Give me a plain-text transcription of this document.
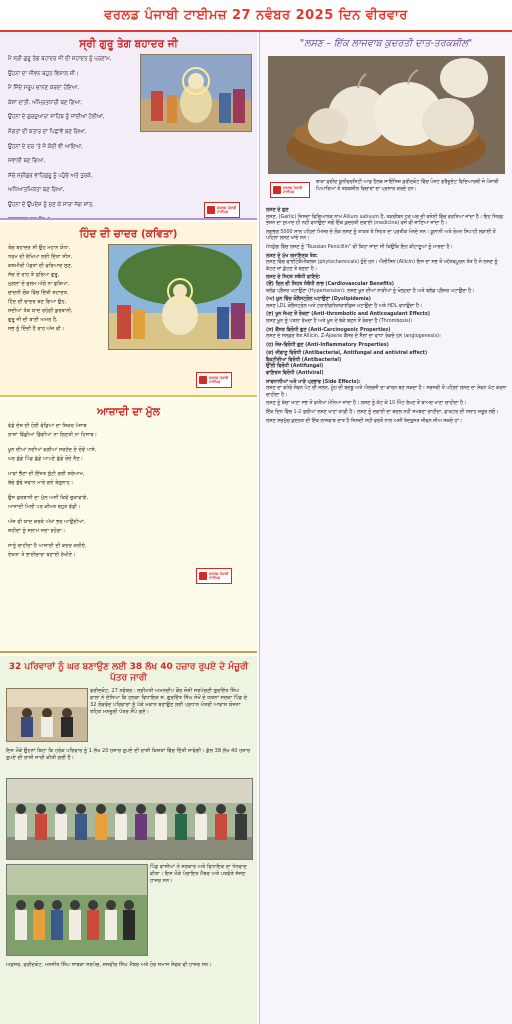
ਵਰਲਡ ਪੰਜਾਬੀ ਟਾਈਮਜ਼ 27 ਨਵੰਬਰ 2025 ਦਿਨ ਵੀਰਵਾਰ
ਸ੍ਰੀ ਗੁਰੂ ਤੇਗ ਬਹਾਦਰ ਜੀ
ਮੈਂ ਸ੍ਰੀ ਗੁਰੂ ਤੇਗ ਬਹਾਦਰ ਜੀ ਦੀ ਸ਼ਹਾਦਤ ਨੂੰ ਪ੍ਰਣਾਮ,
ਉਹਨਾਂ ਦਾ ਜੀਵਨ ਬਹੁਤ ਵਿਸ਼ਾਲ ਸੀ।
ਮੈਂ ਜਿੰਦੇ ਸਰੂਪ ਚਾਨਣ ਕਰਦਾ ਹੋਇਆ,
ਕੇਸਾਂ ਦਾਤੀ, ਅੰਮ੍ਰਿਤਧਾਰੀ ਬਣ ਗਿਆ,
ਉਹਨਾਂ ਦੇ ਗੁਰਦੁਆਰਾ ਸਾਹਿਬ ਨੂੰ ਜਾਂਦੀਆਂ ਹੋਈਆਂ,
ਸੰਗਤਾਂ ਦੀ ਕਤਾਰ ਦਾ ਪਿਛਾਵੇਂ ਬਣ ਗਿਆ,
ਉਹਨਾਂ ਦੇ ਦਰ 'ਤੇ ਜੋ ਕੋਈ ਵੀ ਆਇਆ,
ਸਵਾਲੀ ਬਣ ਗਿਆ,
ਸੱਚੇ ਸ੍ਰੀਗੁਰ ਵਾਹਿਗੁਰੂ ਨੂੰ ਪਹੁੰਚੇ ਅਤੇ ਤੁਰਕੇ,
ਅਧਿਆਤਮਿਕਤਾ ਬਣ ਗਿਆ,
ਉਹਨਾਂ ਦੇ ਉਪਦੇਸ਼ ਨੂੰ ਸੁਣ ਕੇ ਸਾਰਾ ਜੱਗ ਸ਼ਾਂਤ,
ਸ਼ਰਧਾਵਾਨ ਬਣ ਗਿਆ,
ਵਰਲਡ ਪੰਜਾਬੀ ਟਾਈਮਜ਼
ਹਿੰਦ ਦੀ ਚਾਦਰ (ਕਵਿਤਾ)
ਤੇਗ ਬਹਾਦਰ ਸੀ ਉਹ ਮਹਾਨ ਯੋਧਾ,
ਧਰਮ ਦੀ ਰੱਖਿਆ ਲਈ ਦਿੱਤਾ ਸੀਸ,
ਕਸ਼ਮੀਰੀ ਪੰਡਤਾਂ ਦੀ ਫਰਿਆਦ ਸੁਣ,
ਸੱਚ ਦੇ ਰਾਹ ਤੇ ਤੁਰਿਆ ਗੁਰੂ,
ਮੁਗਲਾਂ ਦੇ ਜ਼ੁਲਮ ਅੱਗੇ ਨਾ ਝੁਕਿਆ,
ਚਾਂਦਨੀ ਚੌਕ ਵਿੱਚ ਦਿੱਤੀ ਸ਼ਹਾਦਤ,
ਹਿੰਦ ਦੀ ਚਾਦਰ ਬਣ ਗਿਆ ਉਹ,
ਸਦੀਆਂ ਤੱਕ ਯਾਦ ਰਹੇਗੀ ਕੁਰਬਾਨੀ,
ਗੁਰੂ ਜੀ ਦੀ ਬਾਣੀ ਅਮਰ ਹੈ,
ਸਭ ਨੂੰ ਦਿੰਦੀ ਹੈ ਰਾਹ ਅੱਜ ਵੀ।
ਵਰਲਡ ਪੰਜਾਬੀ ਟਾਈਮਜ਼
ਆਜ਼ਾਦੀ ਦਾ ਮੁੱਲ
ਵੱਡੇ ਦੇਸ਼ ਦੀ ਹੋਈ ਵੰਡਿਆਂ ਦਾ ਜ਼ਿਕਰ ਪੰਜਾਬ
ਲਾਸ਼ਾਂ ਵਿੱਛੀਆਂ ਡਿੱਗੀਆਂ ਨਾ ਗਿਣਤੀ ਨਾ ਹਿਸਾਬ।
ਖੂਨ ਦੀਆਂ ਨਦੀਆਂ ਵਗੀਆਂ ਸਰਹੱਦ ਦੇ ਦੋਵੇਂ ਪਾਸੇ,
ਘਰ ਛੱਡੇ ਪਿੰਡ ਛੱਡੇ ਆਪਣੇ ਛੱਡੇ ਰੋਂਦੇ ਨੈਣ।
ਮਾਵਾਂ ਭੈਣਾਂ ਦੀ ਇੱਜ਼ਤ ਲੁੱਟੀ ਗਈ ਸ਼ਰੇਆਮ,
ਬੱਚੇ ਬੁੱਢੇ ਜਵਾਨ ਮਾਰੇ ਗਏ ਬੇਗੁਨਾਹ।
ਉਸ ਕੁਰਬਾਨੀ ਦਾ ਮੁੱਲ ਅਸੀਂ ਕਿਵੇਂ ਚੁਕਾਵਾਂਗੇ,
ਆਜ਼ਾਦੀ ਮਿਲੀ ਪਰ ਕੀਮਤ ਬਹੁਤ ਵੱਡੀ।
ਅੱਜ ਵੀ ਯਾਦ ਕਰਕੇ ਅੱਖਾਂ ਭਰ ਆਉਂਦੀਆਂ,
ਸ਼ਹੀਦਾਂ ਨੂੰ ਸਲਾਮ ਸਦਾ ਰਹੇਗਾ।
ਸਾਨੂੰ ਚਾਹੀਦਾ ਹੈ ਆਜ਼ਾਦੀ ਦੀ ਕਦਰ ਕਰੀਏ,
ਏਕਤਾ ਤੇ ਭਾਈਚਾਰਾ ਬਣਾਈ ਰੱਖੀਏ।
ਵਰਲਡ ਪੰਜਾਬੀ ਟਾਈਮਜ਼
32 ਪਰਿਵਾਰਾਂ ਨੂੰ ਘਰ ਬਣਾਉਣ ਲਈ 38 ਲੱਖ 40 ਹਜ਼ਾਰ ਰੁਪਏ ਦੇ ਮੰਜ਼ੂਰੀ ਪੱਤਰ ਜਾਰੀ
ਫਰੀਦਕੋਟ, 27 ਨਵੰਬਰ : ਸ੍ਰੀਮਤੀ ਅਮਨਦੀਪ ਕੌਰ ਜੋਸ਼ੀ ਸਰਪੰਚਣੀ ਗੁਰਦਿੱਤ ਸਿੰਘ ਵਾਲਾ ਨੇ ਦੱਸਿਆ ਕਿ ਹਲਕਾ ਵਿਧਾਇਕ ਸ. ਗੁਰਦਿੱਤ ਸਿੰਘ ਸੇਖੋਂ ਦੇ ਯਤਨਾਂ ਸਦਕਾ ਪਿੰਡ ਦੇ 32 ਲੋੜਵੰਦ ਪਰਿਵਾਰਾਂ ਨੂੰ ਪੱਕੇ ਮਕਾਨ ਬਣਾਉਣ ਲਈ ਪ੍ਰਧਾਨ ਮੰਤਰੀ ਆਵਾਸ ਯੋਜਨਾ ਤਹਿਤ ਮਨਜ਼ੂਰੀ ਪੱਤਰ ਸੌਂਪੇ ਗਏ।
ਇਸ ਮੌਕੇ ਉਹਨਾਂ ਕਿਹਾ ਕਿ ਹਰੇਕ ਪਰਿਵਾਰ ਨੂੰ 1 ਲੱਖ 20 ਹਜ਼ਾਰ ਰੁਪਏ ਦੀ ਰਾਸ਼ੀ ਕਿਸ਼ਤਾਂ ਵਿੱਚ ਦਿੱਤੀ ਜਾਵੇਗੀ। ਕੁੱਲ 38 ਲੱਖ 40 ਹਜ਼ਾਰ ਰੁਪਏ ਦੀ ਰਾਸ਼ੀ ਜਾਰੀ ਕੀਤੀ ਗਈ ਹੈ।
ਪਿੰਡ ਵਾਸੀਆਂ ਨੇ ਸਰਕਾਰ ਅਤੇ ਵਿਧਾਇਕ ਦਾ ਧੰਨਵਾਦ ਕੀਤਾ। ਇਸ ਮੌਕੇ ਪੰਚਾਇਤ ਮੈਂਬਰ ਅਤੇ ਪਤਵੰਤੇ ਸੱਜਣ ਹਾਜ਼ਰ ਸਨ।
ਅਫ਼ਸਰ, ਫਰੀਦਕੋਟ, ਮਨਜੀਤ ਸਿੰਘ ਸਾਬਕਾ ਸਰਪੰਚ, ਜਸਵੀਰ ਸਿੰਘ ਮੈਂਬਰ ਅਤੇ ਹੋਰ ਸਮਾਜ ਸੇਵਕ ਵੀ ਹਾਜ਼ਰ ਸਨ।
"ਲਸਣ – ਇੱਕ ਲਾਜਵਾਬ ਕੁਦਰਤੀ ਦਾਤ-ਤਰਕਸ਼ੀਲ"
ਵਰਲਡ ਪੰਜਾਬੀ ਟਾਈਮਜ਼
ਬਾਕਾ ਫ਼ਰੀਦ ਯੂਨੀਵਰਸਿਟੀ ਆਫ਼ ਹੈਲਥ ਸਾਇੰਸਿਜ਼ ਫ਼ਰੀਦਕੋਟ ਵਿੱਚ ਪੋਸਟ ਗਰੈਜੂਏਟ ਵਿਦਿਆਰਥੀ ਜੋ ਪੰਜਾਬੀ ਪਿਆਰਿਆਂ ਤੇ ਤਰਕਸ਼ੀਲ ਵਿਚਾਰਾਂ ਦਾ ਪ੍ਰਸਾਰ ਕਰਦੇ ਹਨ।
ਲਸਣ ਦੇ ਗੁਣ
ਲਸਣ, (Garlic) ਜਿਸਦਾ ਵਿਗਿਆਨਕ ਨਾਮ Allium sativum ਹੈ, ਤਕਰੀਬਨ ਹਰ ਘਰ ਦੀ ਰਸੋਈ ਵਿੱਚ ਵਰਤਿਆ ਜਾਂਦਾ ਹੈ। ਇਹ ਸਿਰਫ਼ ਭੋਜਨ ਦਾ ਸੁਆਦ ਹੀ ਨਹੀਂ ਵਧਾਉਂਦਾ ਸਗੋਂ ਇੱਕ ਕੁਦਰਤੀ ਦਵਾਈ (medicine) ਵਜੋਂ ਵੀ ਜਾਣਿਆ ਜਾਂਦਾ ਹੈ।
ਲਗਭਗ 5000 ਸਾਲ ਪਹਿਲਾਂ ਮਿਸਰ ਦੇ ਲੋਕ ਲਸਣ ਨੂੰ ਤਾਕਤ ਤੇ ਸਿਹਤ ਦਾ ਪ੍ਰਤੀਕ ਮੰਨਦੇ ਸਨ। ਯੂਨਾਨੀ ਅਤੇ ਰੋਮਨ ਸਿਪਾਹੀ ਲੜਾਈ ਤੋਂ ਪਹਿਲਾਂ ਲਸਣ ਖਾਂਦੇ ਸਨ।
ਮੱਧਯੁੱਗ ਵਿੱਚ ਲਸਣ ਨੂੰ "Russian Penicillin" ਵੀ ਕਿਹਾ ਜਾਂਦਾ ਸੀ ਕਿਉਂਕਿ ਇਹ ਕੀਟਾਣੂਆਂ ਨੂੰ ਮਾਰਦਾ ਹੈ।
ਲਸਣ ਦੇ ਮੁੱਖ ਰਸਾਇਣਕ ਤੱਤ:
ਲਸਣ ਵਿੱਚ ਫਾਈਟੋਕੈਮੀਕਲਜ਼ (phytochemicals) ਹੁੰਦੇ ਹਨ। ਐਲੀਸਿਨ (Allicin) ਇਸ ਦਾ ਸਭ ਤੋਂ ਮਹੱਤਵਪੂਰਨ ਤੱਤ ਹੈ ਜੋ ਲਸਣ ਨੂੰ ਕੱਟਣ ਜਾਂ ਕੁੱਟਣ ਤੇ ਬਣਦਾ ਹੈ।
ਲਸਣ ਦੇ ਸਿਹਤ ਸਬੰਧੀ ਫਾਇਦੇ:
(ੳ) ਦਿਲ ਦੀ ਸਿਹਤ ਸੰਬੰਧੀ ਲਾਭ (Cardiovascular Benefits)
ਬਲੱਡ ਪ੍ਰੈਸ਼ਰ ਘਟਾਉਣਾ (Hypertension): ਲਸਣ ਖੂਨ ਦੀਆਂ ਨਾੜੀਆਂ ਨੂੰ ਖੋਲ੍ਹਦਾ ਹੈ ਅਤੇ ਬਲੱਡ ਪ੍ਰੈਸ਼ਰ ਘਟਾਉਂਦਾ ਹੈ।
(ਅ) ਖ਼ੂਨ ਵਿੱਚ ਕੋਲੈਸਟ੍ਰੋਲ ਘਟਾਉਣਾ (Dyslipidemia)
ਲਸਣ LDL ਕੋਲੈਸਟ੍ਰੋਲ ਅਤੇ ਟਰਾਈਗਲਿਸਰਾਈਡਜ਼ ਘਟਾਉਂਦਾ ਹੈ ਅਤੇ HDL ਵਧਾਉਂਦਾ ਹੈ।
(ੲ) ਖੂਨ ਜੰਮਣ ਤੋਂ ਰੋਕਣਾ (Anti-thrombotic and Anticoagulant Effects)
ਲਸਣ ਖੂਨ ਨੂੰ ਪਤਲਾ ਰੱਖਦਾ ਹੈ ਅਤੇ ਖੂਨ ਦੇ ਥੱਕੇ ਬਣਨ ਤੋਂ ਰੋਕਦਾ ਹੈ (Thrombosis)।
(ਸ) ਕੈਂਸਰ ਵਿਰੋਧੀ ਗੁਣ (Anti-Carcinogenic Properties)
ਲਸਣ ਦੇ ਸਲਫ਼ਰ ਤੱਤ Allicin, Z-Ajoene ਕੈਂਸਰ ਦੇ ਸੈੱਲਾਂ ਦਾ ਵਾਧਾ ਰੋਕਦੇ ਹਨ (angiogenesis)।
(ਹ) ਸੋਜ਼-ਵਿਰੋਧੀ ਗੁਣ (Anti-Inflammatory Properties)
(ਕ) ਜੀਵਾਣੂ ਵਿਰੋਧੀ (Antibacterial, Antifungal and antiviral effect)
ਬੈਕਟੀਰੀਆ ਵਿਰੋਧੀ (Antibacterial)
ਉੱਲੀ ਵਿਰੋਧੀ (Antifungal)
ਵਾਇਰਸ ਵਿਰੋਧੀ (Antiviral)
ਸਾਵਧਾਨੀਆਂ ਅਤੇ ਮਾੜੇ ਪ੍ਰਭਾਵ (Side Effects):
ਲਸਣ ਦਾ ਵਧੇਰੇ ਸੇਵਨ ਪੇਟ ਦੀ ਜਲਨ, ਮੂੰਹ ਦੀ ਬਦਬੂ ਅਤੇ ਐਲਰਜੀ ਦਾ ਕਾਰਨ ਬਣ ਸਕਦਾ ਹੈ। ਸਰਜਰੀ ਤੋਂ ਪਹਿਲਾਂ ਲਸਣ ਦਾ ਸੇਵਨ ਘੱਟ ਕਰਨਾ ਚਾਹੀਦਾ ਹੈ।
ਲਸਣ ਨੂੰ ਕੱਚਾ ਖਾਣਾ ਸਭ ਤੋਂ ਵਧੀਆ ਮੰਨਿਆ ਜਾਂਦਾ ਹੈ। ਲਸਣ ਨੂੰ ਕੱਟ ਕੇ 10 ਮਿੰਟ ਰੱਖਣ ਤੋਂ ਬਾਅਦ ਖਾਣਾ ਚਾਹੀਦਾ ਹੈ।
ਇੱਕ ਦਿਨ ਵਿੱਚ 1-2 ਤੁਰੀਆਂ ਲਸਣ ਖਾਣਾ ਕਾਫ਼ੀ ਹੈ। ਲਸਣ ਨੂੰ ਦਵਾਈ ਦਾ ਬਦਲ ਨਹੀਂ ਸਮਝਣਾ ਚਾਹੀਦਾ, ਡਾਕਟਰ ਦੀ ਸਲਾਹ ਜ਼ਰੂਰ ਲਓ।
ਲਸਣ ਸਚਮੁੱਚ ਕੁਦਰਤ ਦੀ ਇੱਕ ਲਾਜਵਾਬ ਦਾਤ ਹੈ ਜਿਸਦੀ ਸਹੀ ਵਰਤੋਂ ਨਾਲ ਅਸੀਂ ਤੰਦਰੁਸਤ ਜੀਵਨ ਜੀਅ ਸਕਦੇ ਹਾਂ।
